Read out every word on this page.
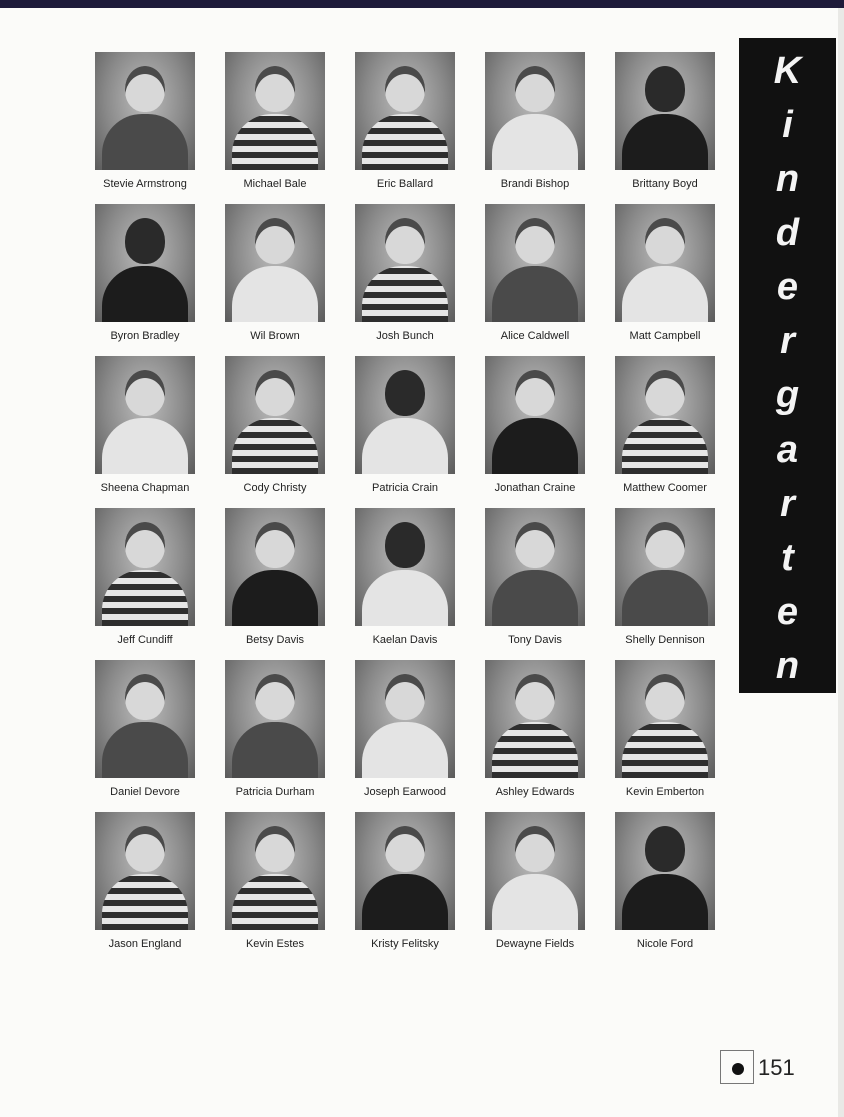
Stevie Armstrong	Michael Bale	Eric Ballard	Brandi Bishop	Brittany Boyd
Byron Bradley	Wil Brown	Josh Bunch	Alice Caldwell	Matt Campbell
Sheena Chapman	Cody Christy	Patricia Crain	Jonathan Craine	Matthew Coomer
Jeff Cundiff	Betsy Davis	Kaelan Davis	Tony Davis	Shelly Dennison
Daniel Devore	Patricia Durham	Joseph Earwood	Ashley Edwards	Kevin Emberton
Jason England	Kevin Estes	Kristy Felitsky	Dewayne Fields	Nicole Ford
K
i
n
d
e
r
g
a
r
t
e
n
151
